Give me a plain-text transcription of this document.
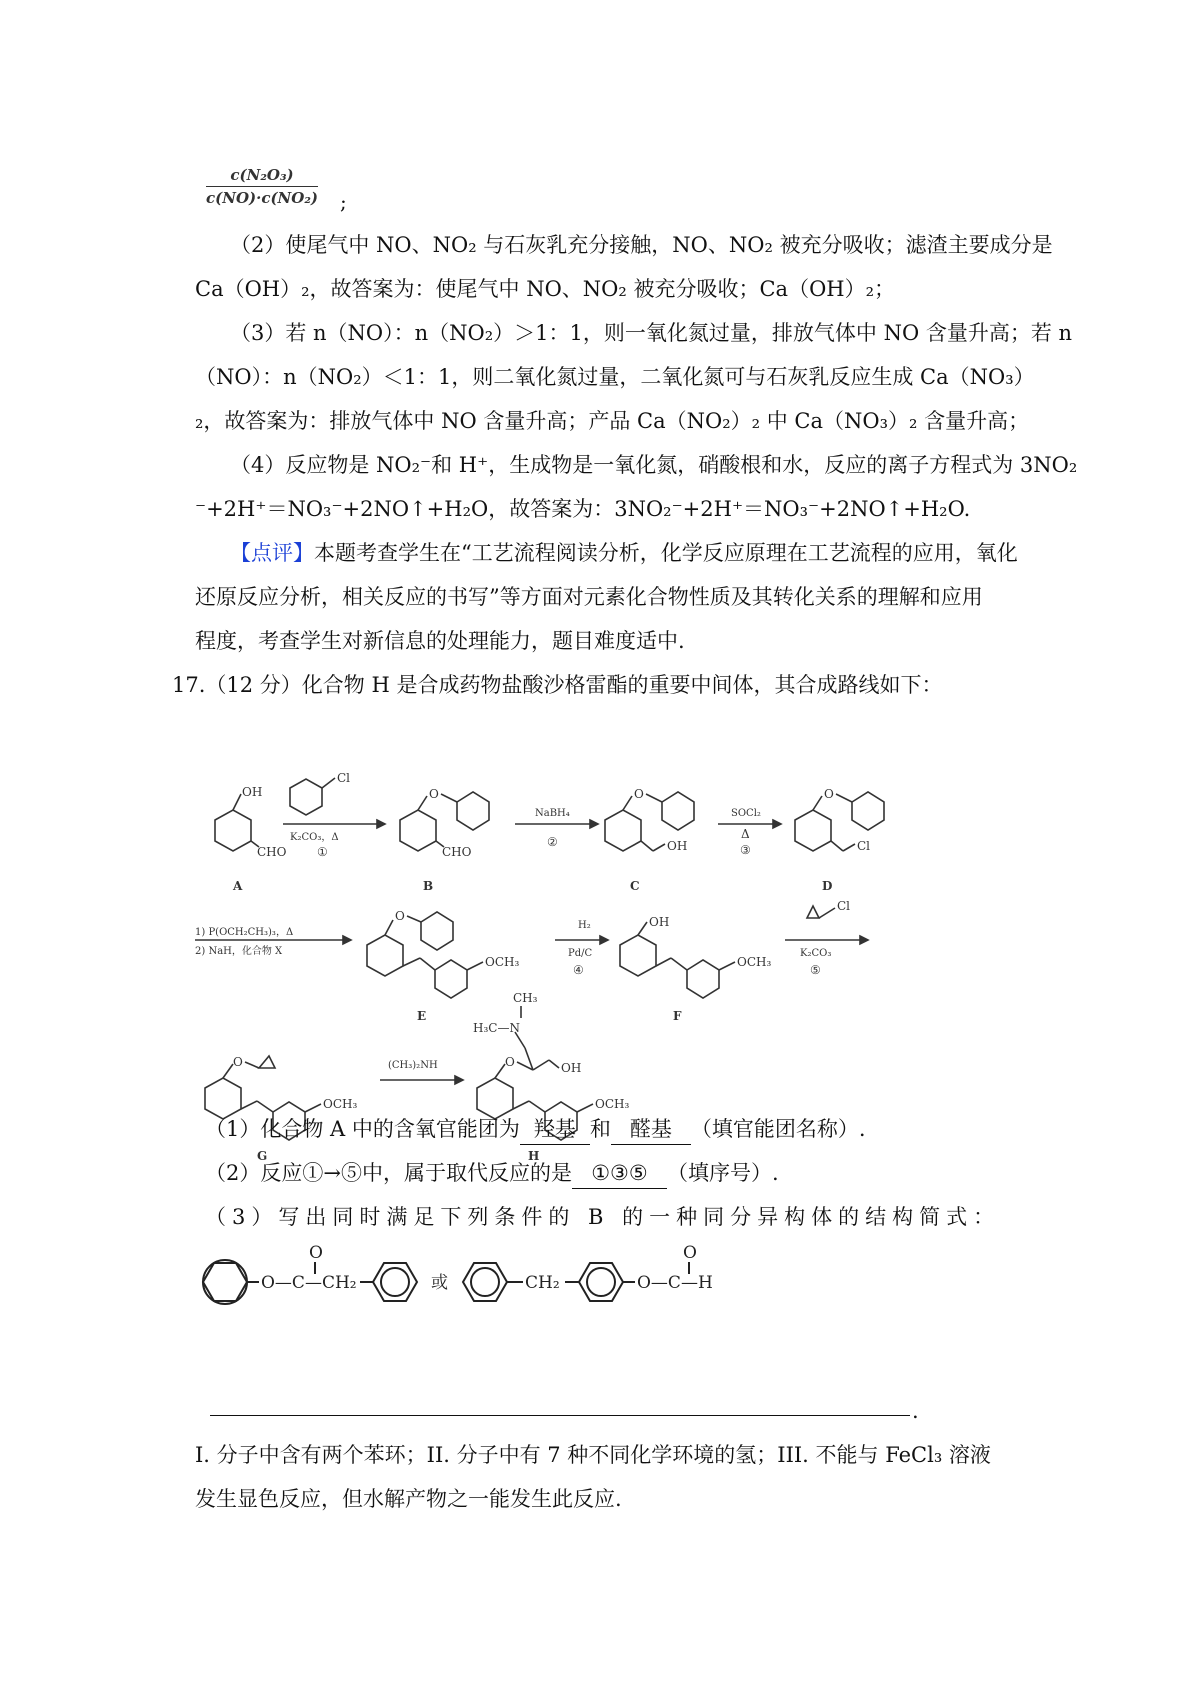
$\frac{\text{c(N₂O₃)}}{\text{c(NO)·c(NO₂)}}$ ;
（2）使尾气中 NO、NO₂ 与石灰乳充分接触，NO、NO₂ 被充分吸收；滤渣主要成分是
Ca（OH）₂，故答案为：使尾气中 NO、NO₂ 被充分吸收；Ca（OH）₂；
（3）若 n（NO）：n（NO₂）＞1：1，则一氧化氮过量，排放气体中 NO 含量升高；若 n
（NO）：n（NO₂）＜1：1，则二氧化氮过量，二氧化氮可与石灰乳反应生成 Ca（NO₃）
₂，故答案为：排放气体中 NO 含量升高；产品 Ca（NO₂）₂ 中 Ca（NO₃）₂ 含量升高；
（4）反应物是 NO₂⁻和 H⁺，生成物是一氧化氮，硝酸根和水，反应的离子方程式为 3NO₂
⁻+2H⁺＝NO₃⁻+2NO↑+H₂O，故答案为：3NO₂⁻+2H⁺＝NO₃⁻+2NO↑+H₂O.
【点评】本题考查学生在“工艺流程阅读分析，化学反应原理在工艺流程的应用，氧化
还原反应分析，相关反应的书写”等方面对元素化合物性质及其转化关系的理解和应用
程度，考查学生对新信息的处理能力，题目难度适中.
17.（12 分）化合物 H 是合成药物盐酸沙格雷酯的重要中间体，其合成路线如下：
OH
CHO
A
Cl
K₂CO₃，Δ
①
O
CHO
B
NaBH₄
②
O
OH
C
SOCl₂
Δ
③
O
Cl
D
1) P(OCH₂CH₃)₃，Δ
2) NaH，化合物 X
O
OCH₃
E
H₂
Pd/C
④
OH
OCH₃
F
Cl
K₂CO₃
⑤
O
OCH₃
G
(CH₃)₂NH	O	OH
H₃C—N
CH₃
OCH₃
H
（1）化合物 A 中的含氧官能团为 羟基 和 醛基 （填官能团名称）.
（2）反应①→⑤中，属于取代反应的是 ①③⑤ （填序号）.
（3）写出同时满足下列条件的 B 的一种同分异构体的结构简式：
O
O—C—CH₂	或	CH₂
O
O—C—H
.
I. 分子中含有两个苯环；II. 分子中有 7 种不同化学环境的氢；III. 不能与 FeCl₃ 溶液
发生显色反应，但水解产物之一能发生此反应.
